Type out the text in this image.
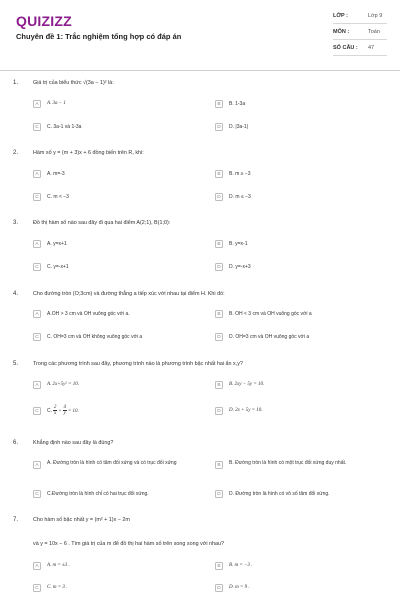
QUIZIZZ
Chuyên đề 1: Trắc nghiệm tổng hợp có đáp án
LỚP :	Lớp 9
MÔN :	Toán
SỐ CÂU : 47
1.	Giá trị của biểu thức √(3a − 1)² là:
A	A. 3a − 1	B	B. 1-3a
C	C. 3a-1 và 1-3a	D	D. |3a-1|
2.	Hàm số y = (m + 3)x + 6 đồng biến trên R, khi:
A	A. m=-3	B	B. m ≥ −3
C	C. m < −3	D	D. m ≤ −3
3.	Đồ thị hàm số nào sau đây đi qua hai điểm A(2;1), B(1;0):
A	A. y=x+1	B	B. y=x-1
C	C. y=-x+1	D	D. y=-x+3
4.	Cho đường tròn (O;3cm) và đường thẳng a tiếp xúc với nhau tại điểm H. Khi đó:
A	A.OH > 3 cm và OH vuông góc với a.	B	B. OH < 3 cm và OH vuông góc với a
C	C. OH=3 cm và OH không vuông góc với a	D	D. OH=3 cm và OH vuông góc với a
5.	Trong các phương trình sau đây, phương trình nào là phương trình bậc nhất hai ẩn x,y?
A	A. 2x+5y² = 10.	B	B. 2xy − 5y = 10.
C	C. $\frac{2}{x} + \frac{4}{y} = 10$.	D	D. 2x + 5y = 10.
6.	Khẳng định nào sau đây là đúng?
A	A. Đường tròn là hình có tâm đối xứng và có trục đối xứng	B	B. Đường tròn là hình có một trục đối xứng duy nhất.
C	C.Đường tròn là hình chỉ có hai trục đối xứng.	D	D. Đường tròn là hình có vô số tâm đối xứng.
7.	Cho hàm số bậc nhất y = (m² + 1)x − 2m
và y = 10x − 6 . Tìm giá trị của m để đồ thị hai hàm số trên song song với nhau?
A	A. m = ±3 .	B	B. m = −3 .
C	C. m = 3 .	D	D. m = 9 .
